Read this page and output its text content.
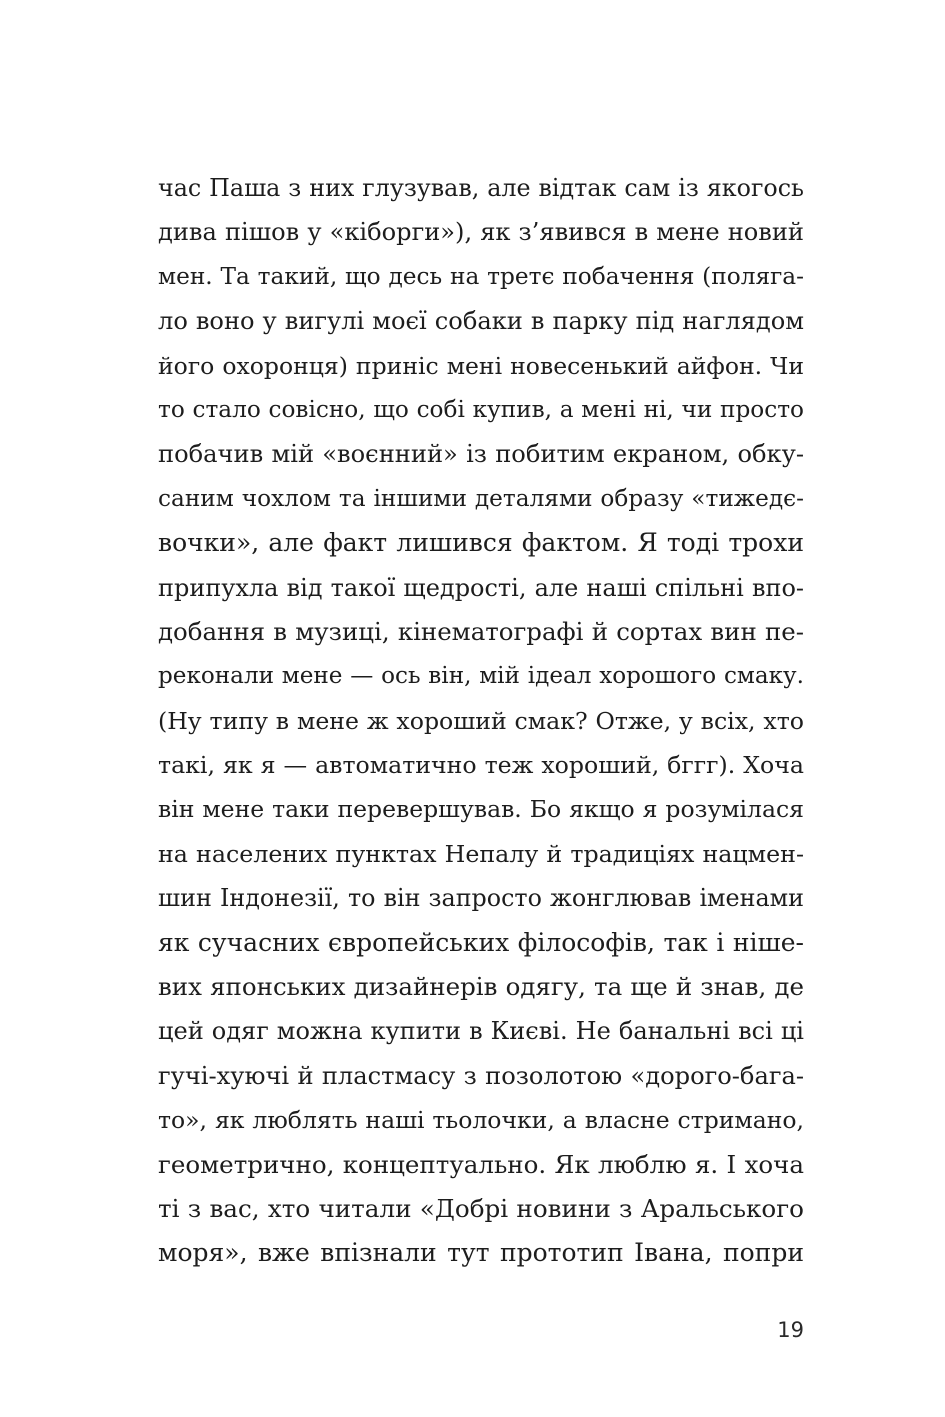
час Паша з них глузував, але відтак сам із якогось
дива пішов у «кіборги»), як з’явився в мене новий
мен. Та такий, що десь на третє побачення (полягa-
ло воно у вигулі моєї собаки в парку під наглядом
його охоронця) приніс мені новесенький айфон. Чи
то стало совісно, що собі купив, а мені ні, чи просто
побачив мій «воєнний» із побитим екраном, обку-
саним чохлом та іншими деталями образу «тижедє-
вочки», але факт лишився фактом. Я тоді трохи
припухла від такої щедрості, але наші спільні впо-
добання в музиці, кінематографі й сортах вин пе-
реконали мене — ось він, мій ідеал хорошого смаку.
(Ну типу в мене ж хороший смак? Отже, у всіх, хто
такі, як я — автоматично теж хороший, бггг). Хоча
він мене таки перевершував. Бо якщо я розумілася
на населених пунктах Непалу й традиціях нацмен-
шин Індонезії, то він запросто жонглював іменами
як сучасних європейських філософів, так і ніше-
вих японських дизайнерів одягу, та ще й знав, де
цей одяг можна купити в Києві. Не банальні всі ці
гучі-хуючі й пластмасу з позолотою «дорого-бага-
то», як люблять наші тьолочки, а власне стримано,
геометрично, концептуально. Як люблю я. І хоча
ті з вас, хто читали «Добрі новини з Аральського
моря», вже впізнали тут прототип Івана, попри
19
